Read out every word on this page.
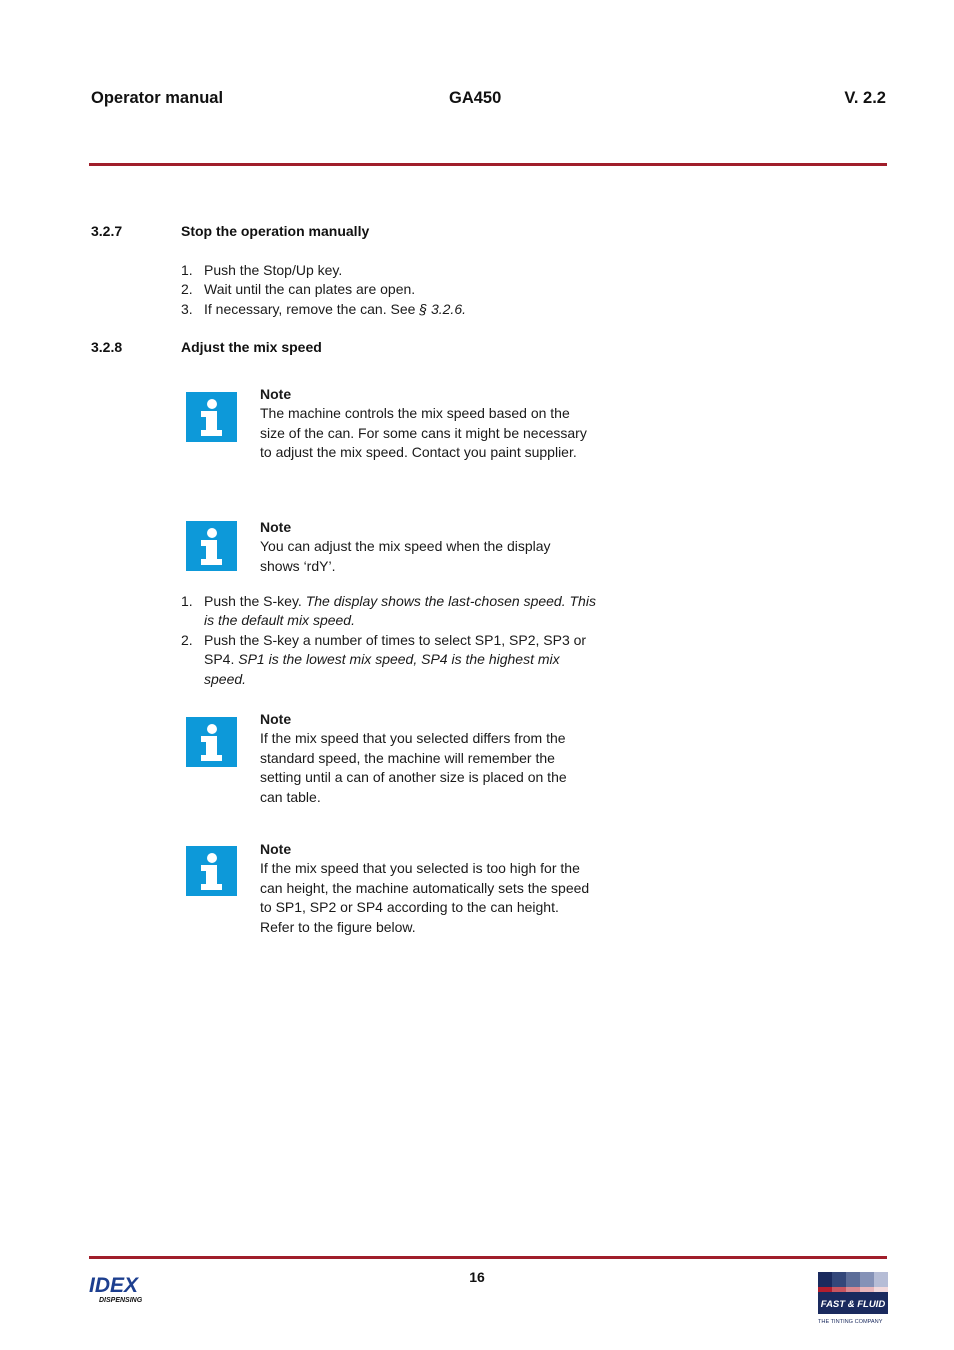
Operator manual	GA450	V. 2.2
3.2.7	Stop the operation manually
1. Push the Stop/Up key.
2. Wait until the can plates are open.
3. If necessary, remove the can. See § 3.2.6.
3.2.8	Adjust the mix speed
Note
The machine controls the mix speed based on the size of the can. For some cans it might be necessary to adjust the mix speed. Contact you paint supplier.
Note
You can adjust the mix speed when the display shows ‘rdY’.
1. Push the S-key. The display shows the last-chosen speed. This is the default mix speed.
2. Push the S-key a number of times to select SP1, SP2, SP3 or SP4. SP1 is the lowest mix speed, SP4 is the highest mix speed.
Note
If the mix speed that you selected differs from the standard speed, the machine will remember the setting until a can of another size is placed on the can table.
Note
If the mix speed that you selected is too high for the can height, the machine automatically sets the speed to SP1, SP2 or SP4 according to the can height. Refer to the figure below.
16
IDEX
DISPENSING	FAST & FLUID
THE TINTING COMPANY
